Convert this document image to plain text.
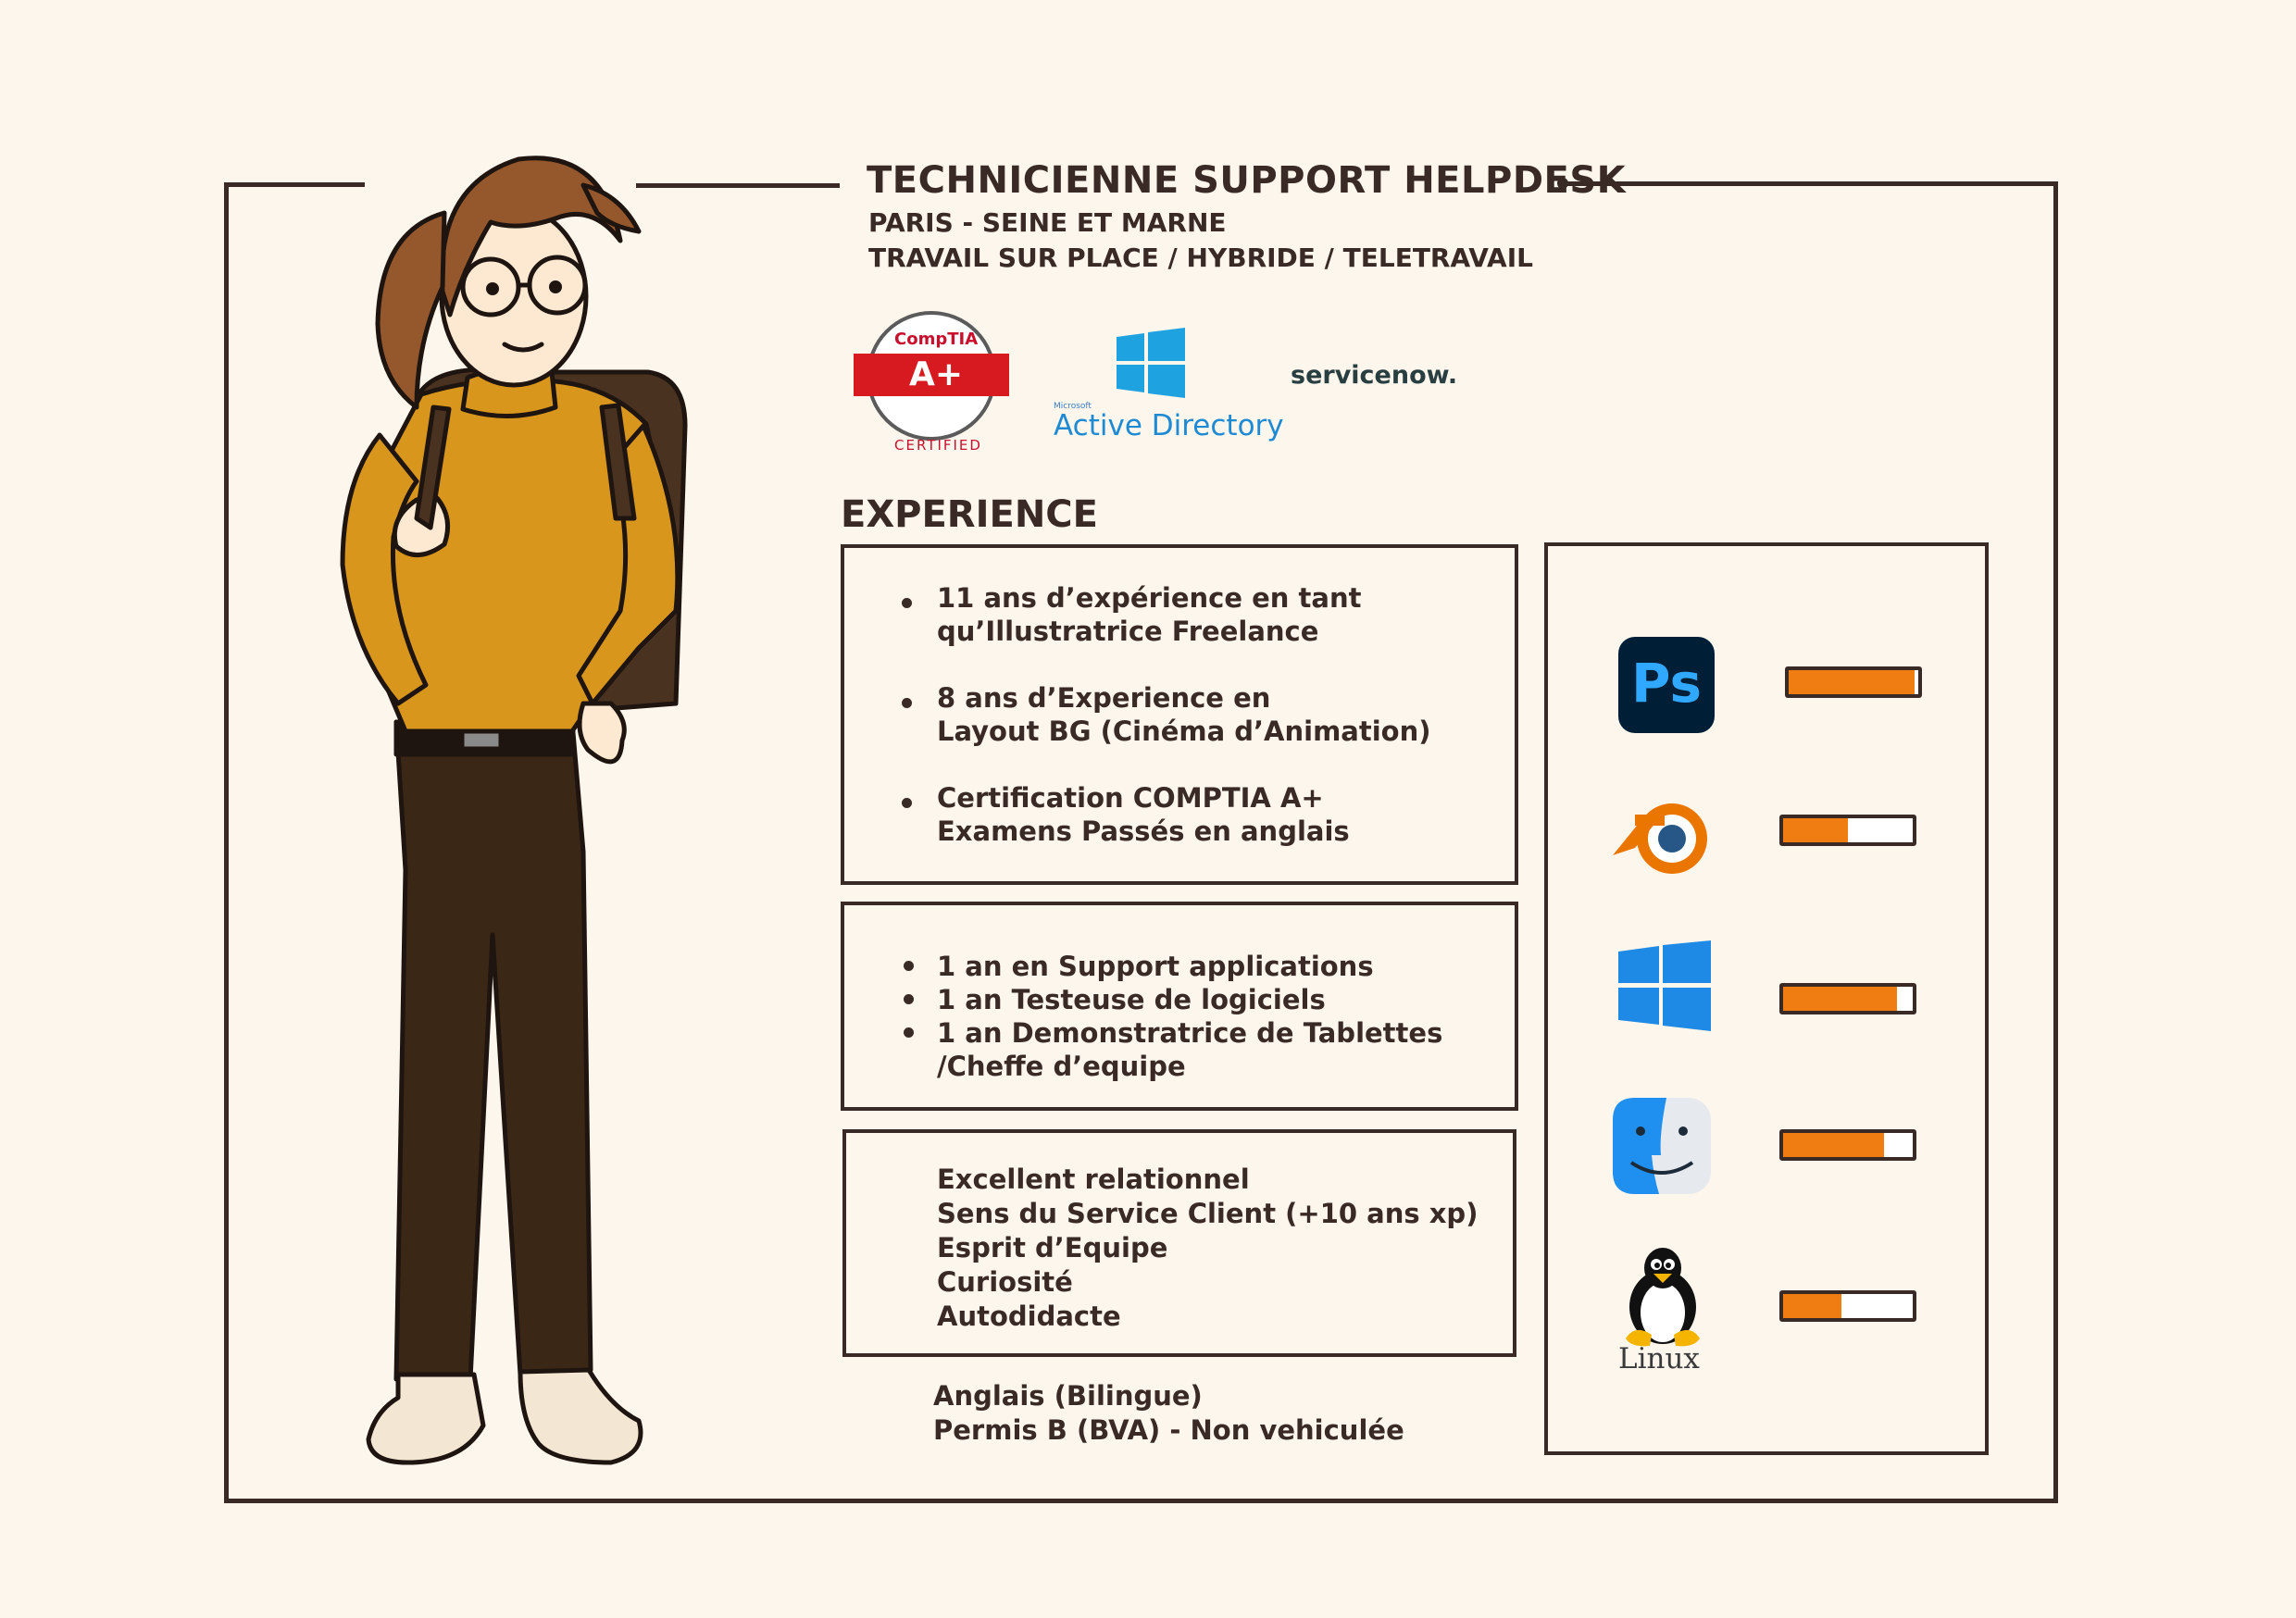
TECHNICIENNE SUPPORT HELPDESK
PARIS - SEINE ET MARNE
TRAVAIL SUR PLACE / HYBRIDE / TELETRAVAIL
CompTIA
A+
CERTIFIED
Microsoft
Active Directory
servicenow.
EXPERIENCE
11 ans d’expérience en tant
qu’Illustratrice Freelance
8 ans d’Experience en
Layout BG (Cinéma d’Animation)
Certification COMPTIA A+
Examens Passés en anglais
1 an en Support applications
1 an Testeuse de logiciels
1 an Demonstratrice de Tablettes
/Cheffe d’equipe
Excellent relationnel
Sens du Service Client (+10 ans xp)
Esprit d’Equipe
Curiosité
Autodidacte
Anglais (Bilingue)
Permis B (BVA) - Non vehiculée
Ps
Linux
